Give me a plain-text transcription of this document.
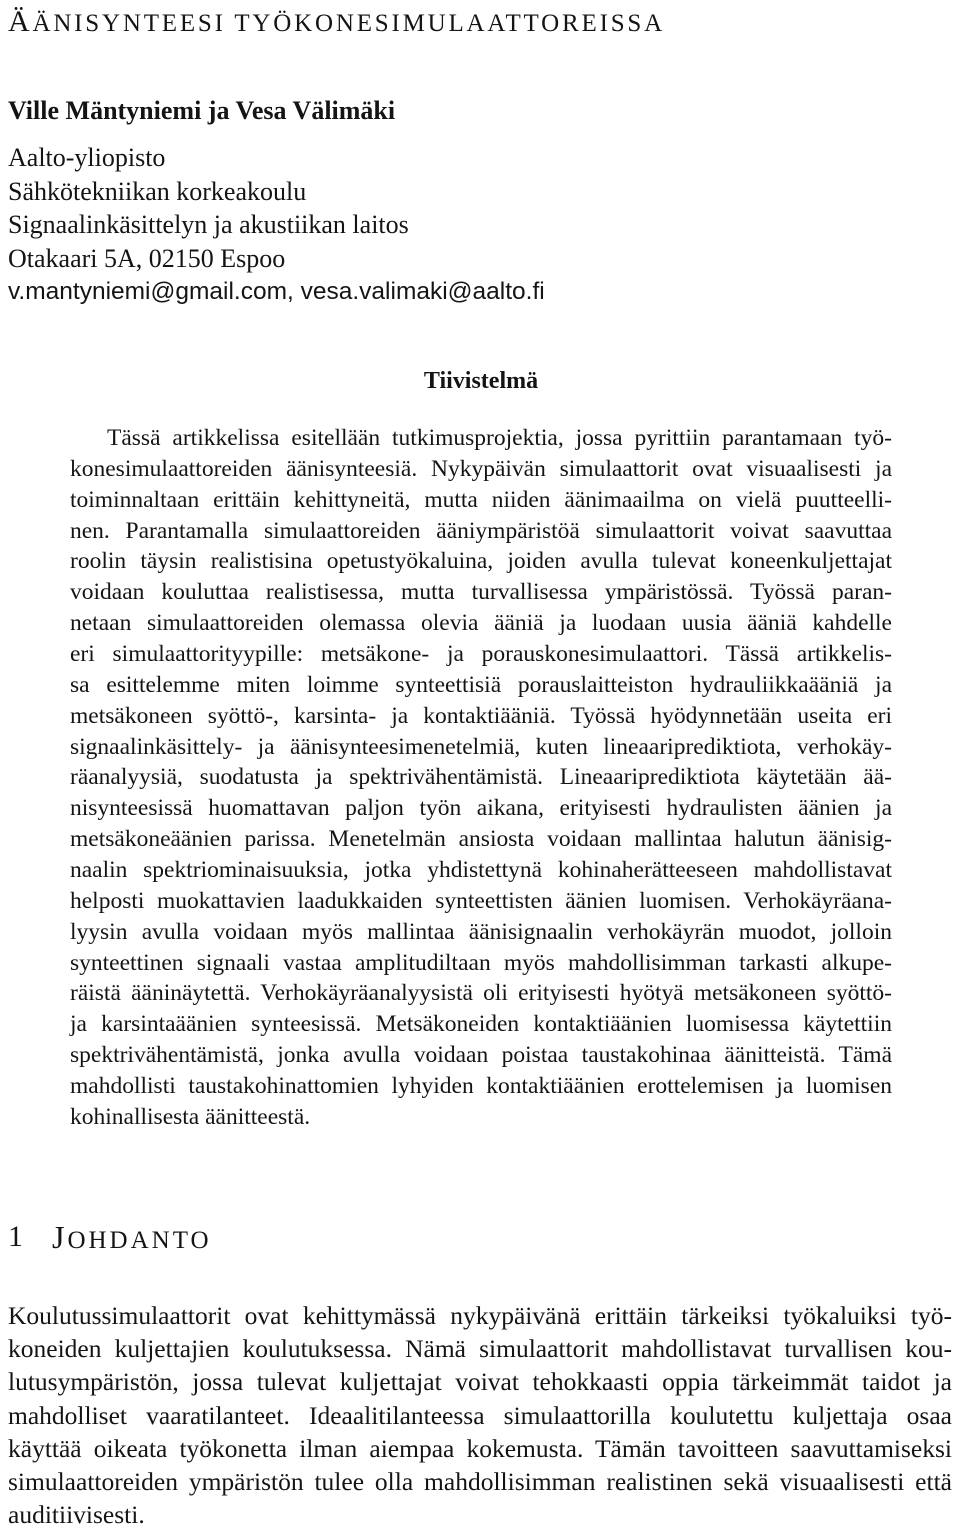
ÄÄNISYNTEESI TYÖKONESIMULAATTOREISSA
Ville Mäntyniemi ja Vesa Välimäki
Aalto-yliopisto
Sähkötekniikan korkeakoulu
Signaalinkäsittelyn ja akustiikan laitos
Otakaari 5A, 02150 Espoo
v.mantyniemi@gmail.com, vesa.valimaki@aalto.fi
Tiivistelmä
Tässä artikkelissa esitellään tutkimusprojektia, jossa pyrittiin parantamaan työ-
konesimulaattoreiden äänisynteesiä. Nykypäivän simulaattorit ovat visuaalisesti ja
toiminnaltaan erittäin kehittyneitä, mutta niiden äänimaailma on vielä puutteelli-
nen. Parantamalla simulaattoreiden ääniympäristöä simulaattorit voivat saavuttaa
roolin täysin realistisina opetustyökaluina, joiden avulla tulevat koneenkuljettajat
voidaan kouluttaa realistisessa, mutta turvallisessa ympäristössä. Työssä paran-
netaan simulaattoreiden olemassa olevia ääniä ja luodaan uusia ääniä kahdelle
eri simulaattorityypille: metsäkone- ja porauskonesimulaattori. Tässä artikkelis-
sa esittelemme miten loimme synteettisiä porauslaitteiston hydrauliikkaääniä ja
metsäkoneen syöttö-, karsinta- ja kontaktiääniä. Työssä hyödynnetään useita eri
signaalinkäsittely- ja äänisynteesimenetelmiä, kuten lineaariprediktiota, verhokäy-
räanalyysiä, suodatusta ja spektrivähentämistä. Lineaariprediktiota käytetään ää-
nisynteesissä huomattavan paljon työn aikana, erityisesti hydraulisten äänien ja
metsäkoneäänien parissa. Menetelmän ansiosta voidaan mallintaa halutun äänisig-
naalin spektriominaisuuksia, jotka yhdistettynä kohinaherätteeseen mahdollistavat
helposti muokattavien laadukkaiden synteettisten äänien luomisen. Verhokäyräana-
lyysin avulla voidaan myös mallintaa äänisignaalin verhokäyrän muodot, jolloin
synteettinen signaali vastaa amplitudiltaan myös mahdollisimman tarkasti alkupe-
räistä ääninäytettä. Verhokäyräanalyysistä oli erityisesti hyötyä metsäkoneen syöttö-
ja karsintaäänien synteesissä. Metsäkoneiden kontaktiäänien luomisessa käytettiin
spektrivähentämistä, jonka avulla voidaan poistaa taustakohinaa äänitteistä. Tämä
mahdollisti taustakohinattomien lyhyiden kontaktiäänien erottelemisen ja luomisen
kohinallisesta äänitteestä.
1 JOHDANTO
Koulutussimulaattorit ovat kehittymässä nykypäivänä erittäin tärkeiksi työkaluiksi työ-
koneiden kuljettajien koulutuksessa. Nämä simulaattorit mahdollistavat turvallisen kou-
lutusympäristön, jossa tulevat kuljettajat voivat tehokkaasti oppia tärkeimmät taidot ja
mahdolliset vaaratilanteet. Ideaalitilanteessa simulaattorilla koulutettu kuljettaja osaa
käyttää oikeata työkonetta ilman aiempaa kokemusta. Tämän tavoitteen saavuttamiseksi
simulaattoreiden ympäristön tulee olla mahdollisimman realistinen sekä visuaalisesti että
auditiivisesti.
